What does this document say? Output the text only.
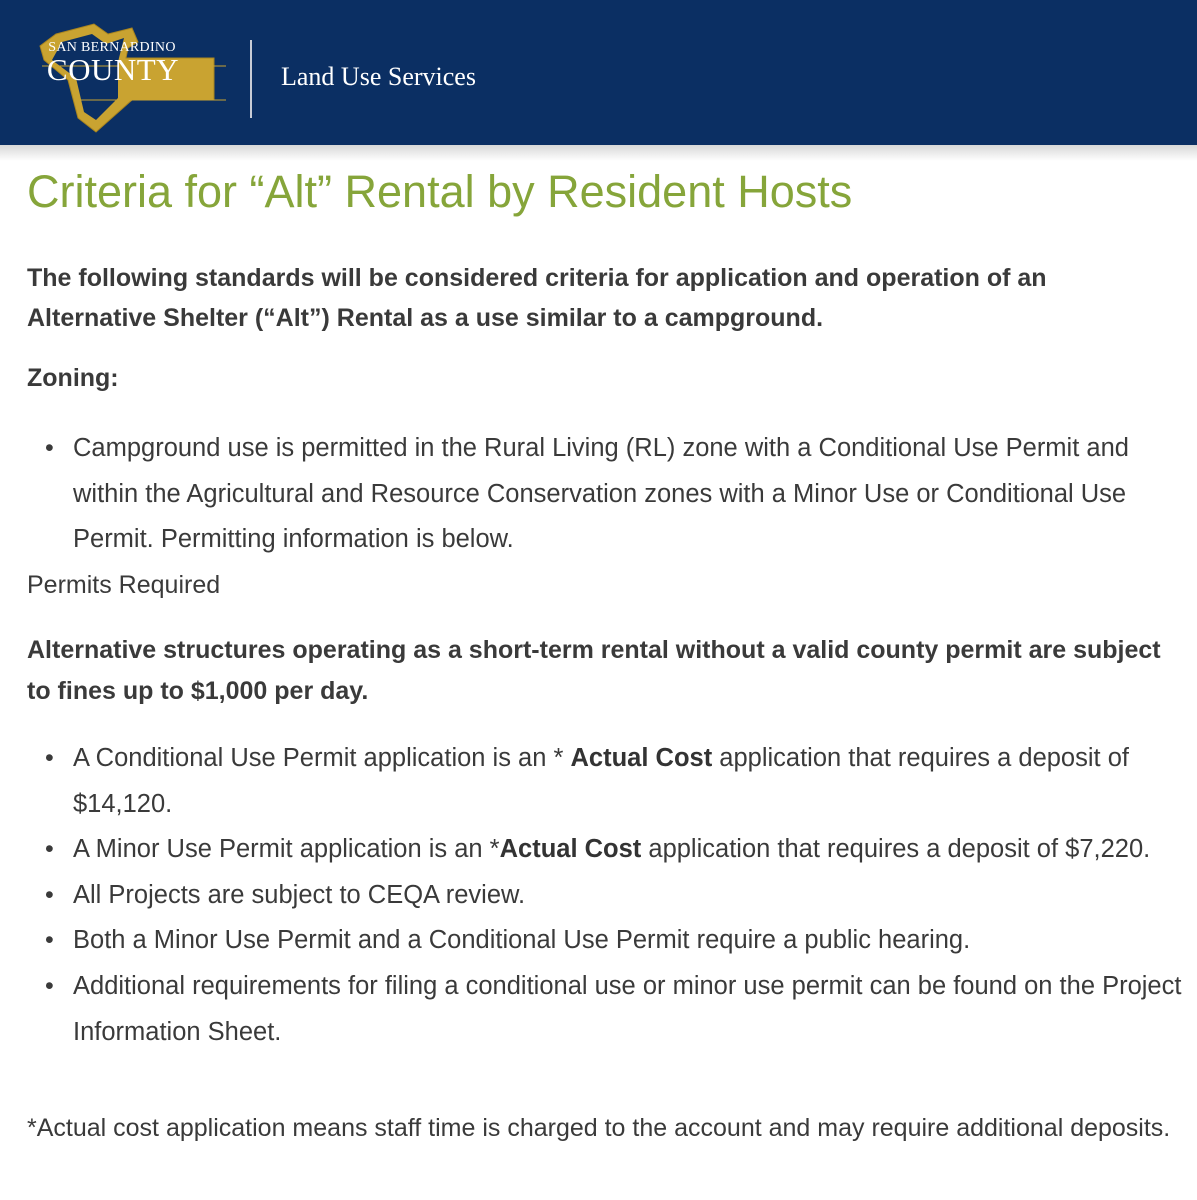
SAN BERNARDINO
COUNTY	Land Use Services
Criteria for “Alt” Rental by Resident Hosts
The following standards will be considered criteria for application and operation of an Alternative Shelter (“Alt”) Rental as a use similar to a campground.
Zoning:
• Campground use is permitted in the Rural Living (RL) zone with a Conditional Use Permit and within the Agricultural and Resource Conservation zones with a Minor Use or Conditional Use Permit. Permitting information is below.
Permits Required
Alternative structures operating as a short-term rental without a valid county permit are subject to fines up to $1,000 per day.
• A Conditional Use Permit application is an * Actual Cost application that requires a deposit of $14,120.
• A Minor Use Permit application is an *Actual Cost application that requires a deposit of $7,220.
• All Projects are subject to CEQA review.
• Both a Minor Use Permit and a Conditional Use Permit require a public hearing.
• Additional requirements for filing a conditional use or minor use permit can be found on the Project Information Sheet.
*Actual cost application means staff time is charged to the account and may require additional deposits.
